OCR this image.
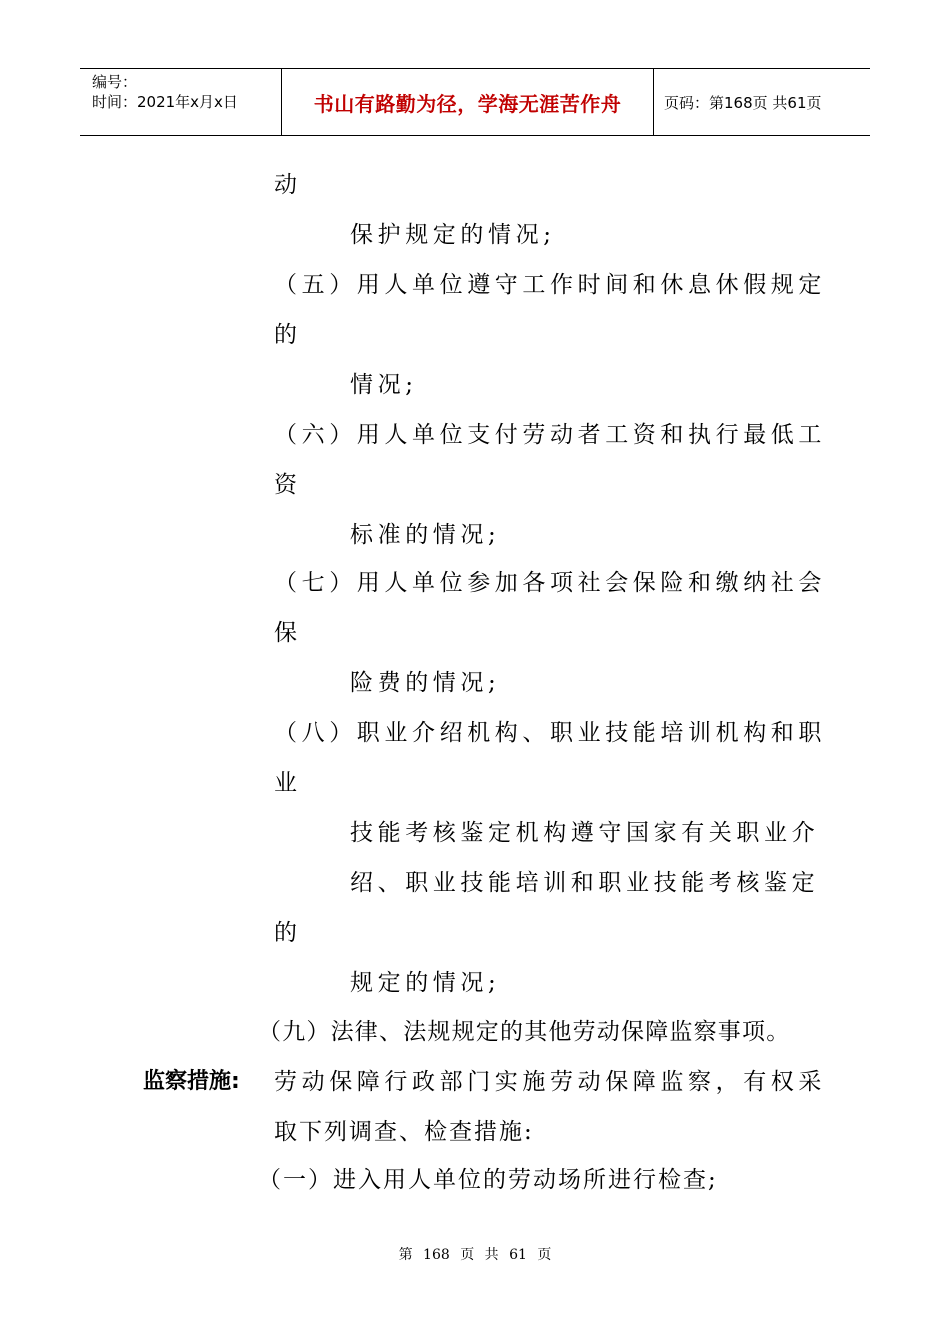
编号：
时间：2021年x月x日	书山有路勤为径，学海无涯苦作舟	页码：第168页 共61页
动
保护规定的情况;
（五）用人单位遵守工作时间和休息休假规定
的
情况;
（六）用人单位支付劳动者工资和执行最低工
资
标准的情况;
（七）用人单位参加各项社会保险和缴纳社会
保
险费的情况;
（八）职业介绍机构、职业技能培训机构和职
业
技能考核鉴定机构遵守国家有关职业介
绍、职业技能培训和职业技能考核鉴定
的
规定的情况;
（九）法律、法规规定的其他劳动保障监察事项。
监察措施: 劳动保障行政部门实施劳动保障监察，有权采
取下列调查、检查措施:
（一）进入用人单位的劳动场所进行检查;
第 168 页 共 61 页
